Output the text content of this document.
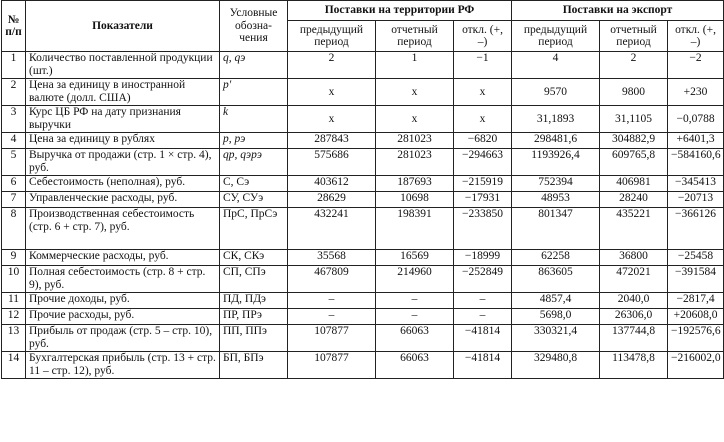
№ п/п	Показатели	Условные обозна-чения	Поставки на территории РФ			Поставки на экспорт		
			предыдущий период	отчетный период	откл. (+, –)	предыдущий период	отчетный период	откл. (+, –)
1	Количество поставленной продукции (шт.)	q, qэ	2	1	−1	4	2	−2
2	Цена за единицу в иностранной валюте (долл. США)	p'	x	x	x	9570	9800	+230
3	Курс ЦБ РФ на дату признания выручки	k	x	x	x	31,1893	31,1105	−0,0788
4	Цена за единицу в рублях	p, pэ	287843	281023	−6820	298481,6	304882,9	+6401,3
5	Выручка от продажи (стр. 1 × стр. 4), руб.	qp, qэpэ	575686	281023	−294663	1193926,4	609765,8	−584160,6
6	Себестоимость (неполная), руб.	С, Сэ	403612	187693	−215919	752394	406981	−345413
7	Управленческие расходы, руб.	СУ, СУэ	28629	10698	−17931	48953	28240	−20713
8	Производственная себестоимость (стр. 6 + стр. 7), руб.	ПрС, ПрСэ	432241	198391	−233850	801347	435221	−366126
9	Коммерческие расходы, руб.	СК, СКэ	35568	16569	−18999	62258	36800	−25458
10	Полная себестоимость (стр. 8 + стр. 9), руб.	СП, СПэ	467809	214960	−252849	863605	472021	−391584
11	Прочие доходы, руб.	ПД, ПДэ	–	–	–	4857,4	2040,0	−2817,4
12	Прочие расходы, руб.	ПР, ПРэ	–	–	–	5698,0	26306,0	+20608,0
13	Прибыль от продаж (стр. 5 – стр. 10), руб.	ПП, ППэ	107877	66063	−41814	330321,4	137744,8	−192576,6
14	Бухгалтерская прибыль (стр. 13 + стр. 11 – стр. 12), руб.	БП, БПэ	107877	66063	−41814	329480,8	113478,8	−216002,0
